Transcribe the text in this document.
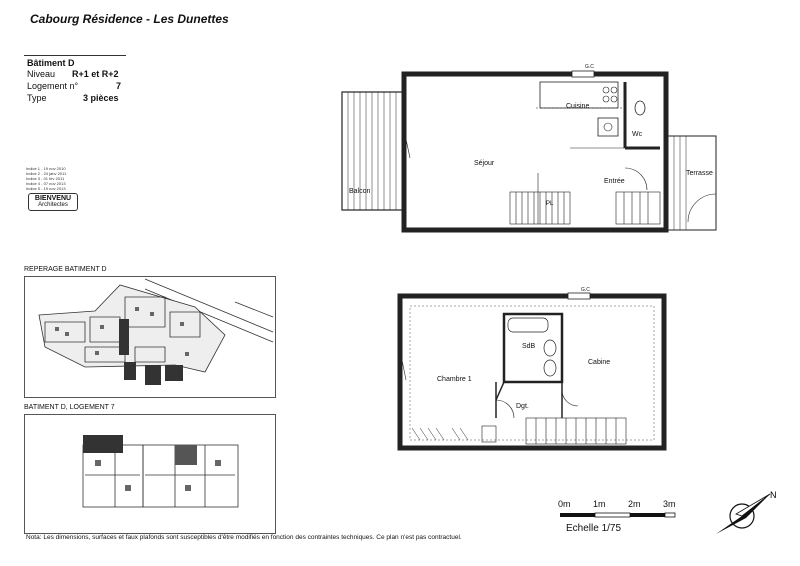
Cabourg Résidence - Les Dunettes
Bâtiment D
Niveau R+1 et R+2
Logement n°	7
Type	3 pièces
Indice 1 - 19 nov 2010
Indice 2 - 24 janv 2011
Indice 3 - 01 fév 2011
Indice 4 - 07 nov 2013
Indice 5 - 19 nov 2013
BIENVENU
Architectes
REPERAGE BATIMENT D
BATIMENT D, LOGEMENT 7
Séjour
Cuisine
Wc
Entrée
Balcon
Terrasse
PL
G.C
Chambre 1
Cabine
SdB
Dgt.
G.C
0m 1m 2m 3m
Echelle 1/75
N
Nota: Les dimensions, surfaces et faux plafonds sont susceptibles d'être modifiés en fonction des contraintes techniques. Ce plan n'est pas contractuel.
